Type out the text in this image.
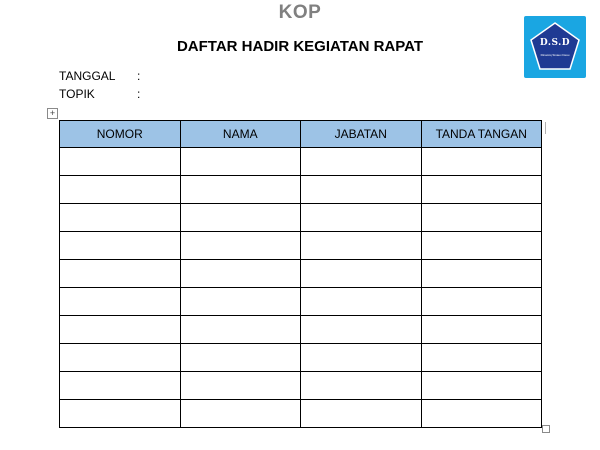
KOP
DAFTAR HADIR KEGIATAN RAPAT	D.S.D
Dinamiq Sinaux Desu
TANGGAL :
TOPIK	:
+
NOMOR	NAMA	JABATAN	TANDA TANGAN
